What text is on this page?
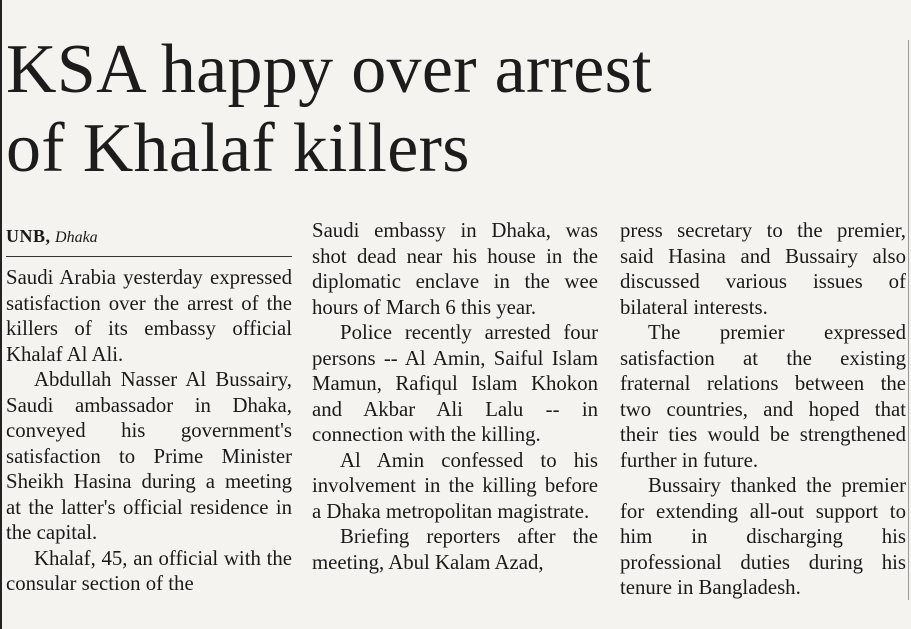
KSA happy over arrest
of Khalaf killers
UNB, Dhaka

Saudi Arabia yesterday expressed satisfaction over the arrest of the killers of its embassy official Khalaf Al Ali.

Abdullah Nasser Al Bussairy, Saudi ambassador in Dhaka, conveyed his government's satisfaction to Prime Minister Sheikh Hasina during a meeting at the latter's official residence in the capital.

Khalaf, 45, an official with the consular section of the

Saudi embassy in Dhaka, was shot dead near his house in the diplomatic enclave in the wee hours of March 6 this year.

Police recently arrested four persons -- Al Amin, Saiful Islam Mamun, Rafiqul Islam Khokon and Akbar Ali Lalu -- in connection with the killing.

Al Amin confessed to his involvement in the killing before a Dhaka metropolitan magistrate.

Briefing reporters after the meeting, Abul Kalam Azad,

press secretary to the premier, said Hasina and Bussairy also discussed various issues of bilateral interests.

The premier expressed satisfaction at the existing fraternal relations between the two countries, and hoped that their ties would be strengthened further in future.

Bussairy thanked the premier for extending all-out support to him in discharging his professional duties during his tenure in Bangladesh.
